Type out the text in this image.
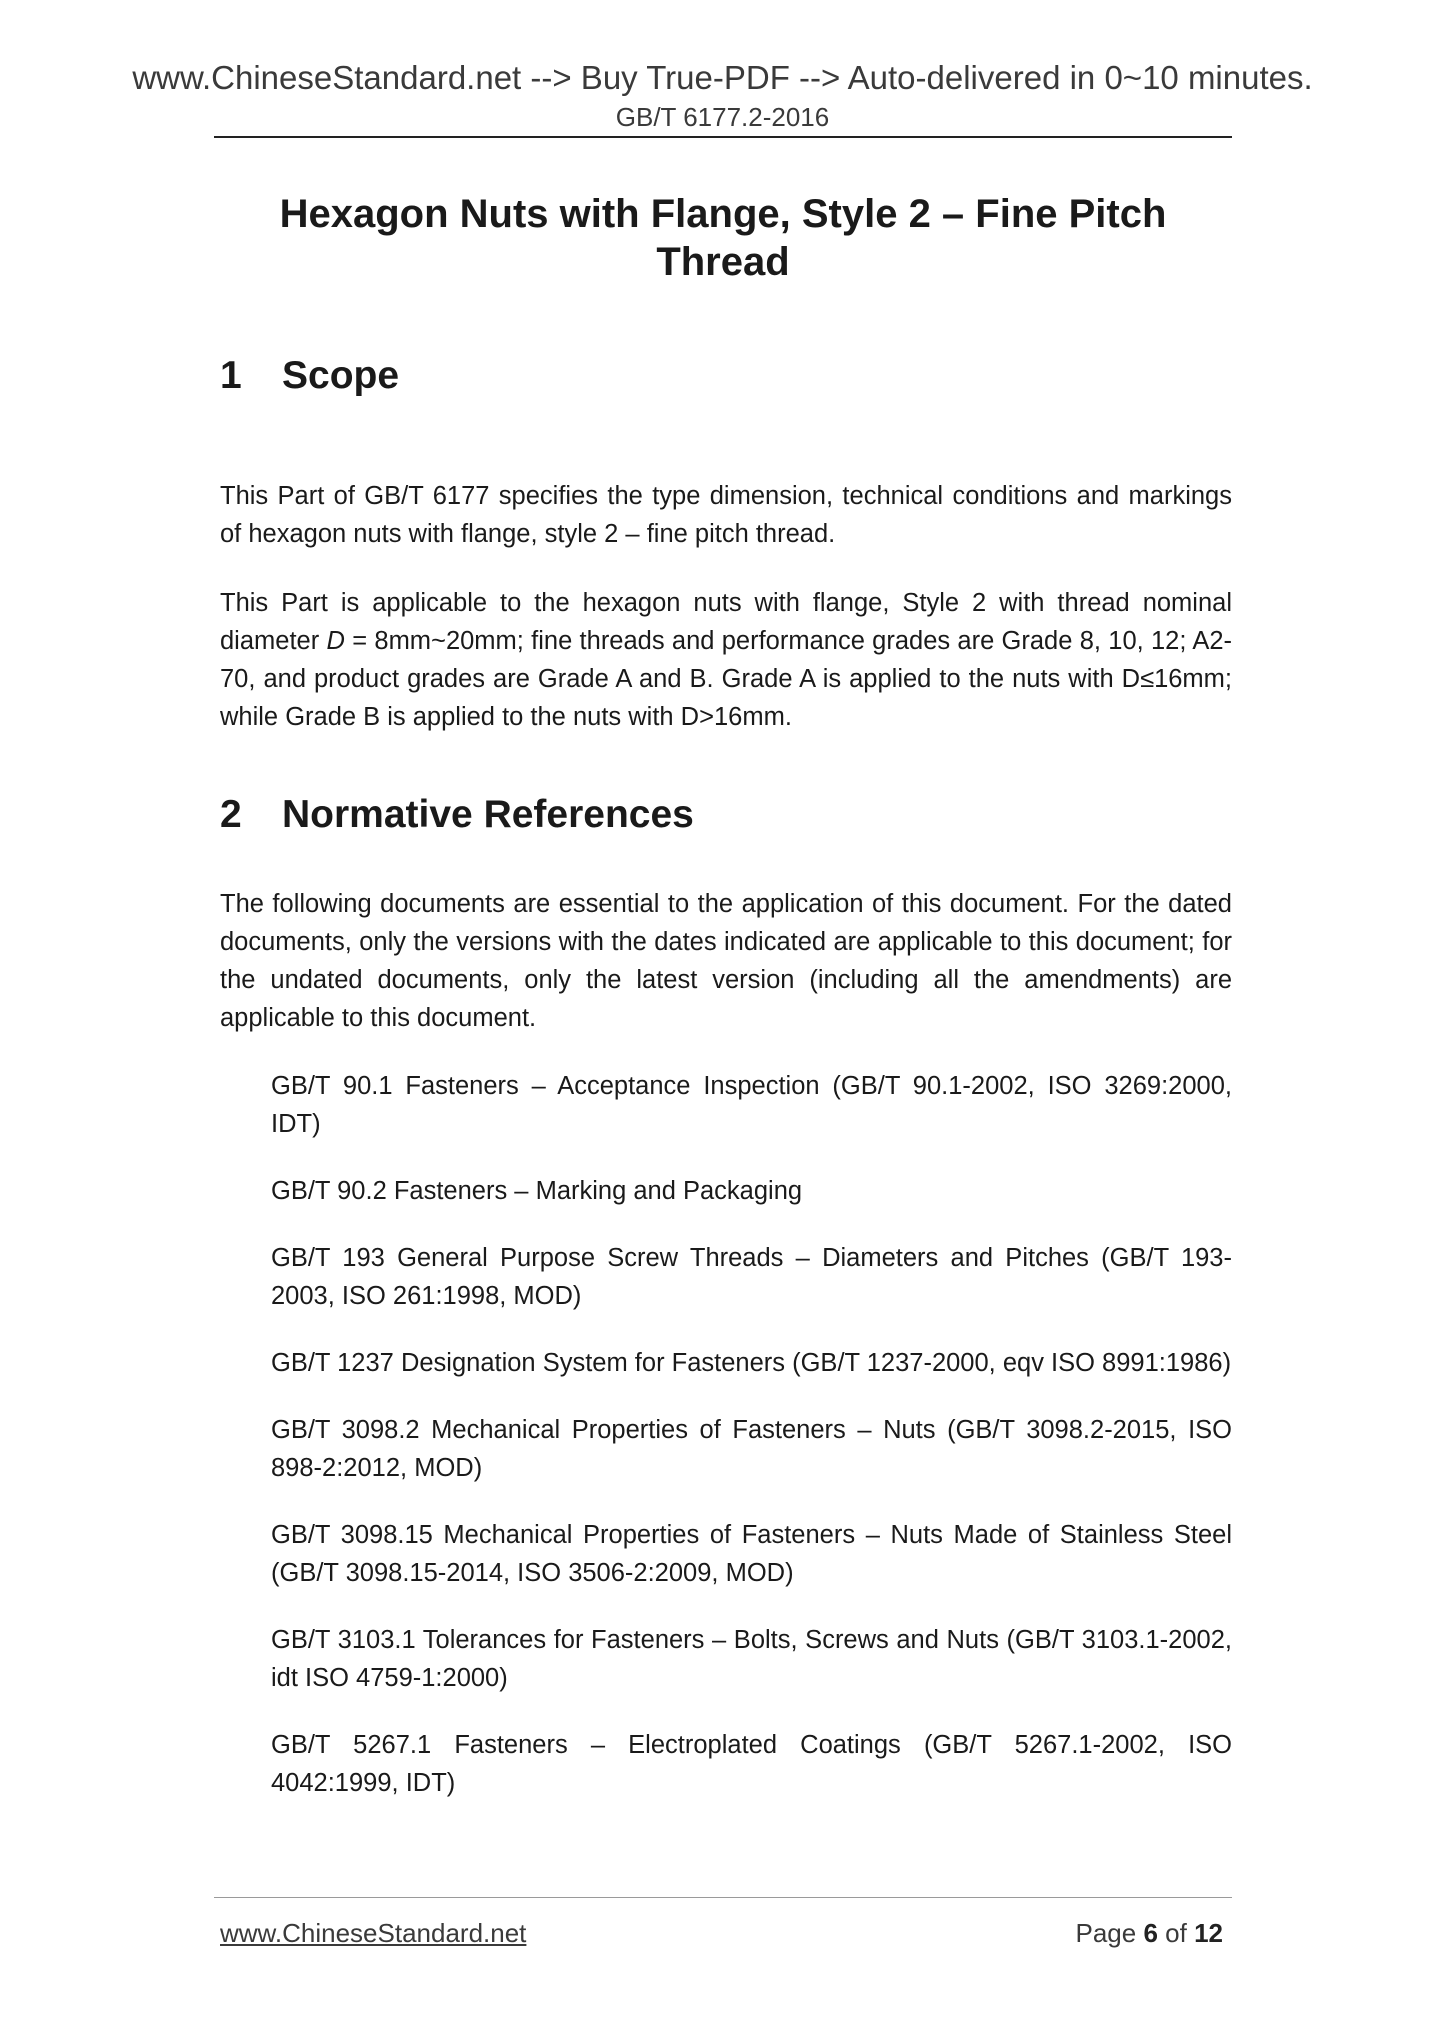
www.ChineseStandard.net --> Buy True-PDF --> Auto-delivered in 0~10 minutes.
GB/T 6177.2-2016
Hexagon Nuts with Flange, Style 2 – Fine Pitch Thread
1 Scope

This Part of GB/T 6177 specifies the type dimension, technical conditions and markings of hexagon nuts with flange, style 2 – fine pitch thread.

This Part is applicable to the hexagon nuts with flange, Style 2 with thread nominal diameter D = 8mm~20mm; fine threads and performance grades are Grade 8, 10, 12; A2-70, and product grades are Grade A and B. Grade A is applied to the nuts with D≤16mm; while Grade B is applied to the nuts with D>16mm.

2 Normative References

The following documents are essential to the application of this document. For the dated documents, only the versions with the dates indicated are applicable to this document; for the undated documents, only the latest version (including all the amendments) are applicable to this document.

GB/T 90.1 Fasteners – Acceptance Inspection (GB/T 90.1-2002, ISO 3269:2000, IDT)
GB/T 90.2 Fasteners – Marking and Packaging
GB/T 193 General Purpose Screw Threads – Diameters and Pitches (GB/T 193-2003, ISO 261:1998, MOD)
GB/T 1237 Designation System for Fasteners (GB/T 1237-2000, eqv ISO 8991:1986)
GB/T 3098.2 Mechanical Properties of Fasteners – Nuts (GB/T 3098.2-2015, ISO 898-2:2012, MOD)
GB/T 3098.15 Mechanical Properties of Fasteners – Nuts Made of Stainless Steel (GB/T 3098.15-2014, ISO 3506-2:2009, MOD)
GB/T 3103.1 Tolerances for Fasteners – Bolts, Screws and Nuts (GB/T 3103.1-2002, idt ISO 4759-1:2000)
GB/T 5267.1 Fasteners – Electroplated Coatings (GB/T 5267.1-2002, ISO 4042:1999, IDT)
www.ChineseStandard.net	Page 6 of 12
